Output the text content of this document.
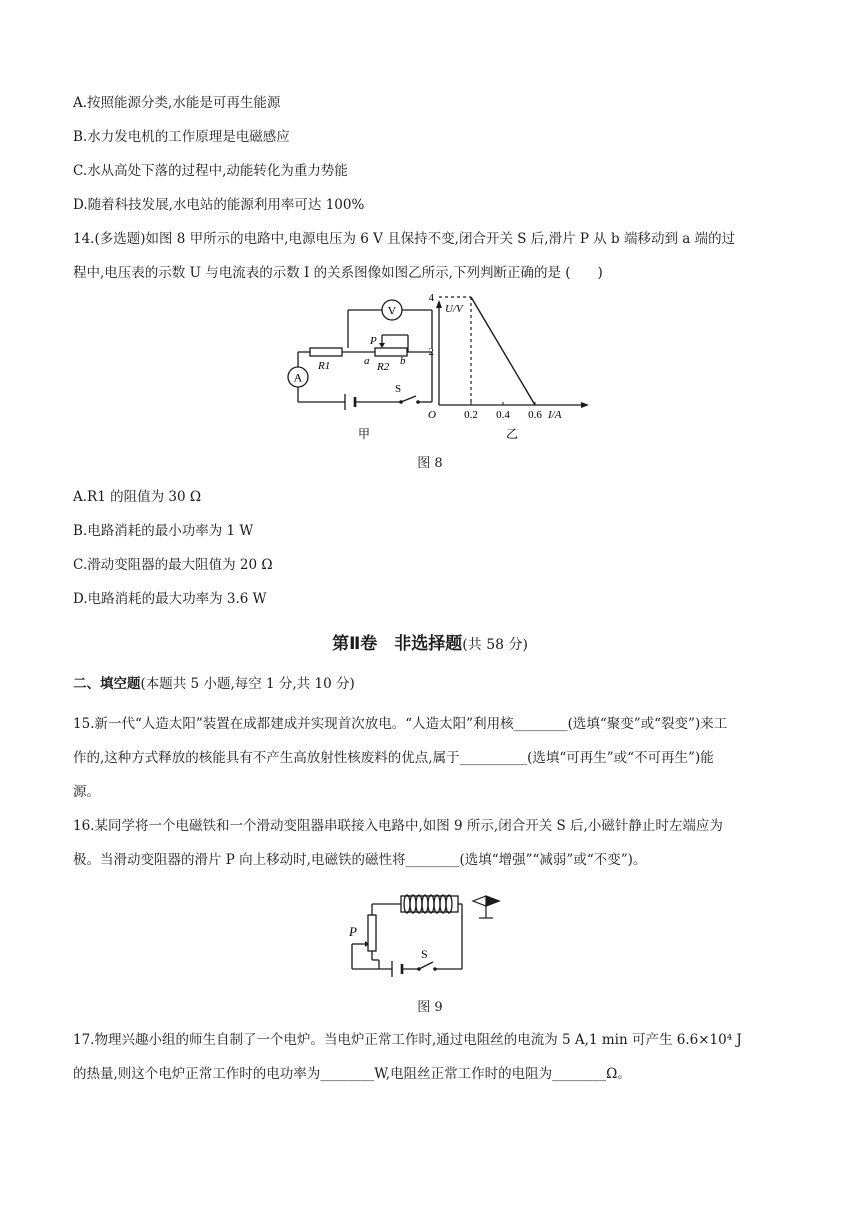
A.按照能源分类,水能是可再生能源
B.水力发电机的工作原理是电磁感应
C.水从高处下落的过程中,动能转化为重力势能
D.随着科技发展,水电站的能源利用率可达 100%
14.(多选题)如图 8 甲所示的电路中,电源电压为 6 V 且保持不变,闭合开关 S 后,滑片 P 从 b 端移动到 a 端的过
程中,电压表的示数 U 与电流表的示数 I 的关系图像如图乙所示,下列判断正确的是 (　　)
V
A
R1
P
a	b
R2
S
甲
U/V
I/A
O	0.2 0.4 0.6
2
4
乙
图 8
A.R1 的阻值为 30 Ω
B.电路消耗的最小功率为 1 W
C.滑动变阻器的最大阻值为 20 Ω
D.电路消耗的最大功率为 3.6 W
第Ⅱ卷　非选择题(共 58 分)
二、填空题(本题共 5 小题,每空 1 分,共 10 分)
15.新一代“人造太阳”装置在成都建成并实现首次放电。“人造太阳”利用核________(选填“聚变”或“裂变”)来工
作的,这种方式释放的核能具有不产生高放射性核废料的优点,属于__________(选填“可再生”或“不可再生”)能
源。
16.某同学将一个电磁铁和一个滑动变阻器串联接入电路中,如图 9 所示,闭合开关 S 后,小磁针静止时左端应为
极。当滑动变阻器的滑片 P 向上移动时,电磁铁的磁性将________(选填“增强”“减弱”或“不变”)。
P
S
图 9
17.物理兴趣小组的师生自制了一个电炉。当电炉正常工作时,通过电阻丝的电流为 5 A,1 min 可产生 6.6×10⁴ J
的热量,则这个电炉正常工作时的电功率为________W,电阻丝正常工作时的电阻为________Ω。
